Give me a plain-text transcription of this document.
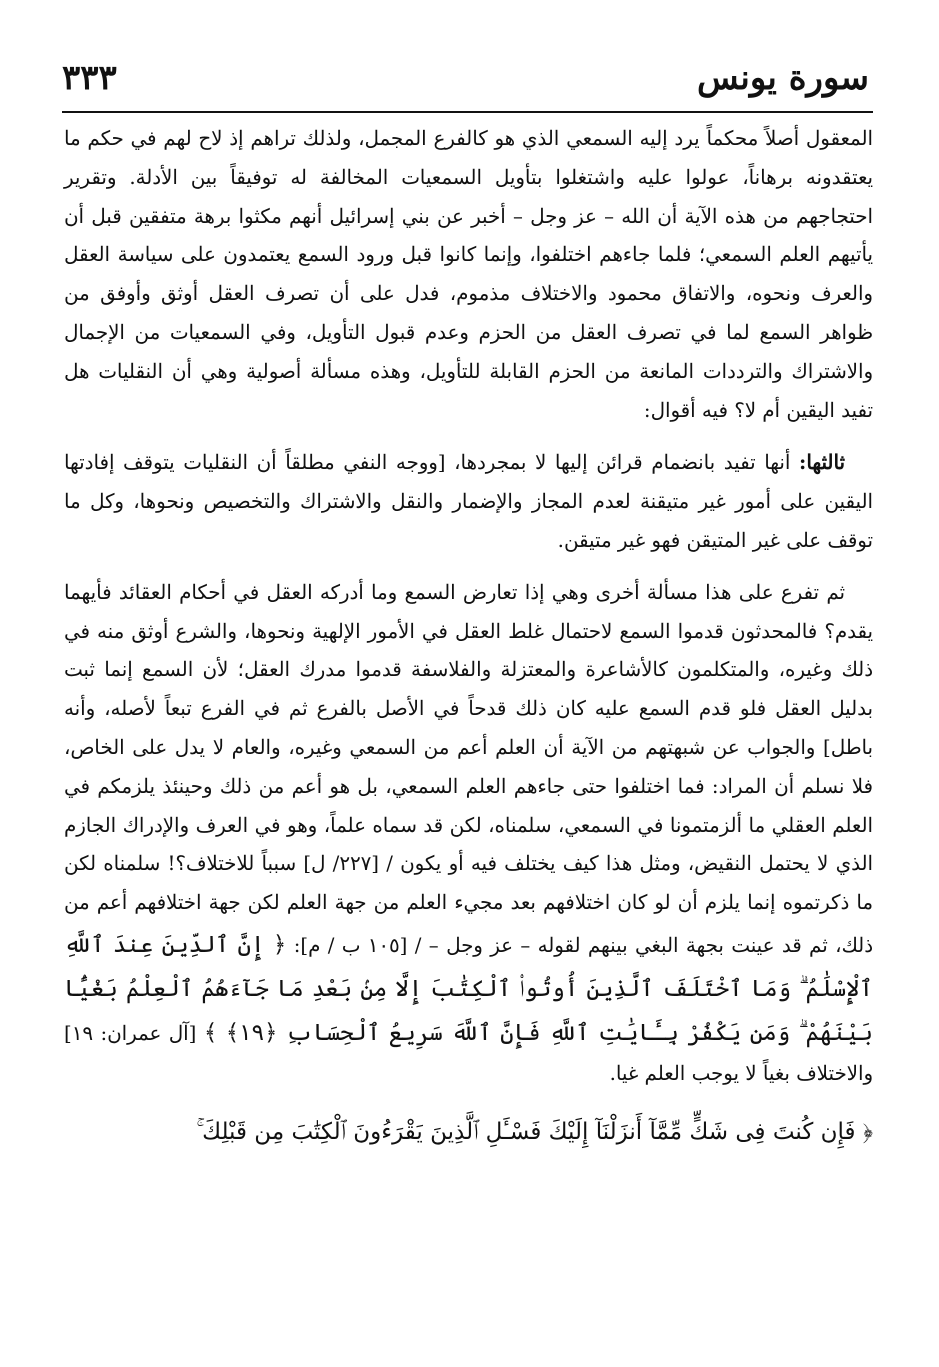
سورة يونس
٣٣٣

المعقول أصلاً محكماً يرد إليه السمعي الذي هو كالفرع المجمل، ولذلك تراهم إذ لاح لهم في حكم ما يعتقدونه برهاناً، عولوا عليه واشتغلوا بتأويل السمعيات المخالفة له توفيقاً بين الأدلة. وتقرير احتجاجهم من هذه الآية أن الله – عز وجل – أخبر عن بني إسرائيل أنهم مكثوا برهة متفقين قبل أن يأتيهم العلم السمعي؛ فلما جاءهم اختلفوا، وإنما كانوا قبل ورود السمع يعتمدون على سياسة العقل والعرف ونحوه، والاتفاق محمود والاختلاف مذموم، فدل على أن تصرف العقل أوثق وأوفق من ظواهر السمع لما في تصرف العقل من الحزم وعدم قبول التأويل، وفي السمعيات من الإجمال والاشتراك والترددات المانعة من الحزم القابلة للتأويل، وهذه مسألة أصولية وهي أن النقليات هل تفيد اليقين أم لا؟ فيه أقوال:

ثالثها: أنها تفيد بانضمام قرائن إليها لا بمجردها، [ووجه النفي مطلقاً أن النقليات يتوقف إفادتها اليقين على أمور غير متيقنة لعدم المجاز والإضمار والنقل والاشتراك والتخصيص ونحوها، وكل ما توقف على غير المتيقن فهو غير متيقن.

ثم تفرع على هذا مسألة أخرى وهي إذا تعارض السمع وما أدركه العقل في أحكام العقائد فأيهما يقدم؟ فالمحدثون قدموا السمع لاحتمال غلط العقل في الأمور الإلهية ونحوها، والشرع أوثق منه في ذلك وغيره، والمتكلمون كالأشاعرة والمعتزلة والفلاسفة قدموا مدرك العقل؛ لأن السمع إنما ثبت بدليل العقل فلو قدم السمع عليه كان ذلك قدحاً في الأصل بالفرع ثم في الفرع تبعاً لأصله، وأنه باطل] والجواب عن شبهتهم من الآية أن العلم أعم من السمعي وغيره، والعام لا يدل على الخاص، فلا نسلم أن المراد: فما اختلفوا حتى جاءهم العلم السمعي، بل هو أعم من ذلك وحينئذ يلزمكم في العلم العقلي ما ألزمتمونا في السمعي، سلمناه، لكن قد سماه علماً، وهو في العرف والإدراك الجازم الذي لا يحتمل النقيض، ومثل هذا كيف يختلف فيه أو يكون / [٢٢٧/ ل] سبباً للاختلاف؟! سلمناه لكن ما ذكرتموه إنما يلزم أن لو كان اختلافهم بعد مجيء العلم من جهة العلم لكن جهة اختلافهم أعم من ذلك، ثم قد عينت بجهة البغي بينهم لقوله – عز وجل – / [١٠٥ ب / م]: ﴿ إِنَّ ٱلدِّينَ عِندَ ٱللَّهِ ٱلْإِسْلَٰمُ ۗ وَمَا ٱخْتَلَفَ ٱلَّذِينَ أُوتُوا۟ ٱلْكِتَٰبَ إِلَّا مِنۢ بَعْدِ مَا جَآءَهُمُ ٱلْعِلْمُ بَغْيًۢا بَيْنَهُمْ ۗ وَمَن يَكْفُرْ بِـَٔايَٰتِ ٱللَّهِ فَإِنَّ ٱللَّهَ سَرِيعُ ٱلْحِسَابِ ﴿١٩﴾ ﴾ [آل عمران: ١٩] والاختلاف بغياً لا يوجب العلم غيا.

﴿ فَإِن كُنتَ فِى شَكٍّ مِّمَّآ أَنزَلْنَآ إِلَيْكَ فَسْـَٔلِ ٱلَّذِينَ يَقْرَءُونَ ٱلْكِتَٰبَ مِن قَبْلِكَ ۚ
